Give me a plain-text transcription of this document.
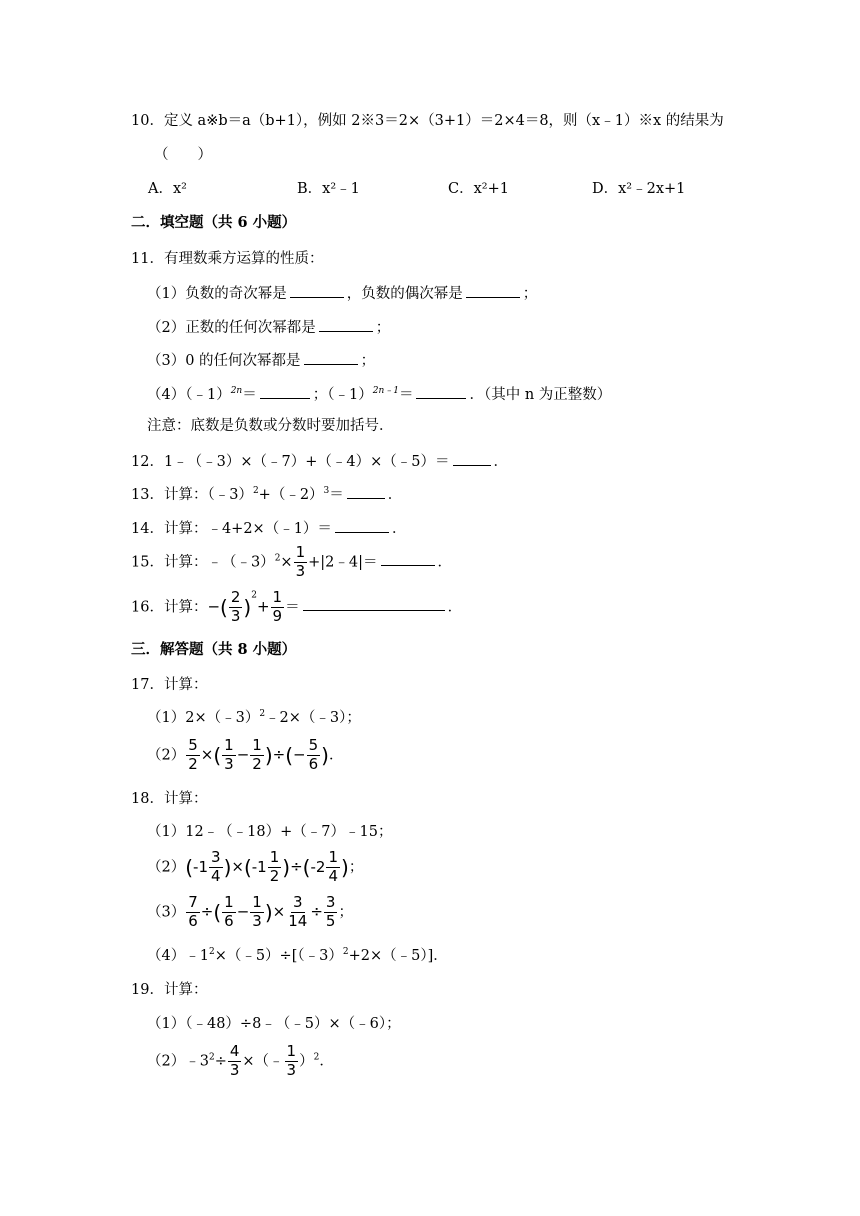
10．定义 a※b＝a（b+1），例如 2※3＝2×（3+1）＝2×4＝8，则（x﹣1）※x 的结果为
（　　）
A．x²	B．x²﹣1	C．x²+1	D．x²﹣2x+1
二．填空题（共 6 小题）
11．有理数乘方运算的性质：
（1）负数的奇次幂是	，负数的偶次幂是	；
（2）正数的任何次幂都是	；
（3）0 的任何次幂都是	；
（4）（﹣1）$^{2n}$＝	；（﹣1）$^{2n﹣1}$＝	．（其中 n 为正整数）
注意：底数是负数或分数时要加括号．
12．1﹣（﹣3）×（﹣7）+（﹣4）×（﹣5）＝	．
13．计算：（﹣3）$^2$+（﹣2）$^3$＝	．
14．计算：﹣4+2×（﹣1）＝	．
15．计算：﹣（﹣3）$^2$× $\frac{1}{3}$ +|2﹣4|＝	．
16．计算：−( $\frac{2}{3} )^2+ \frac{1}{9}$ ＝	．
三．解答题（共 8 小题）
17．计算：
（1）2×（﹣3）$^2$﹣2×（﹣3）；
$(2) \frac{5}{2}$ ×( $\frac{1}{3} - \frac{1}{2}$ )÷(− $\frac{5}{6}$ )．
18．计算：
（1）12﹣（﹣18）+（﹣7）﹣15；
（2）( $-1 \frac{3}{4}$ )×( $-1 \frac{1}{2}$ )÷( $-2 \frac{1}{4}$ )；
$(3) \frac{7}{6}$ ÷( $\frac{1}{6} - \frac{1}{3}$ )× $\frac{3}{14} \div \frac{3}{5}$ ；
$(4)﹣1^2\times(﹣5)\div[(﹣3)^2+2\times(﹣5)]$．
19．计算：
（1）（﹣48）÷8﹣（﹣5）×（﹣6）；
$(2)﹣3^2\div \frac{4}{3}$ ×（﹣ $\frac{1}{3} )^2$．
